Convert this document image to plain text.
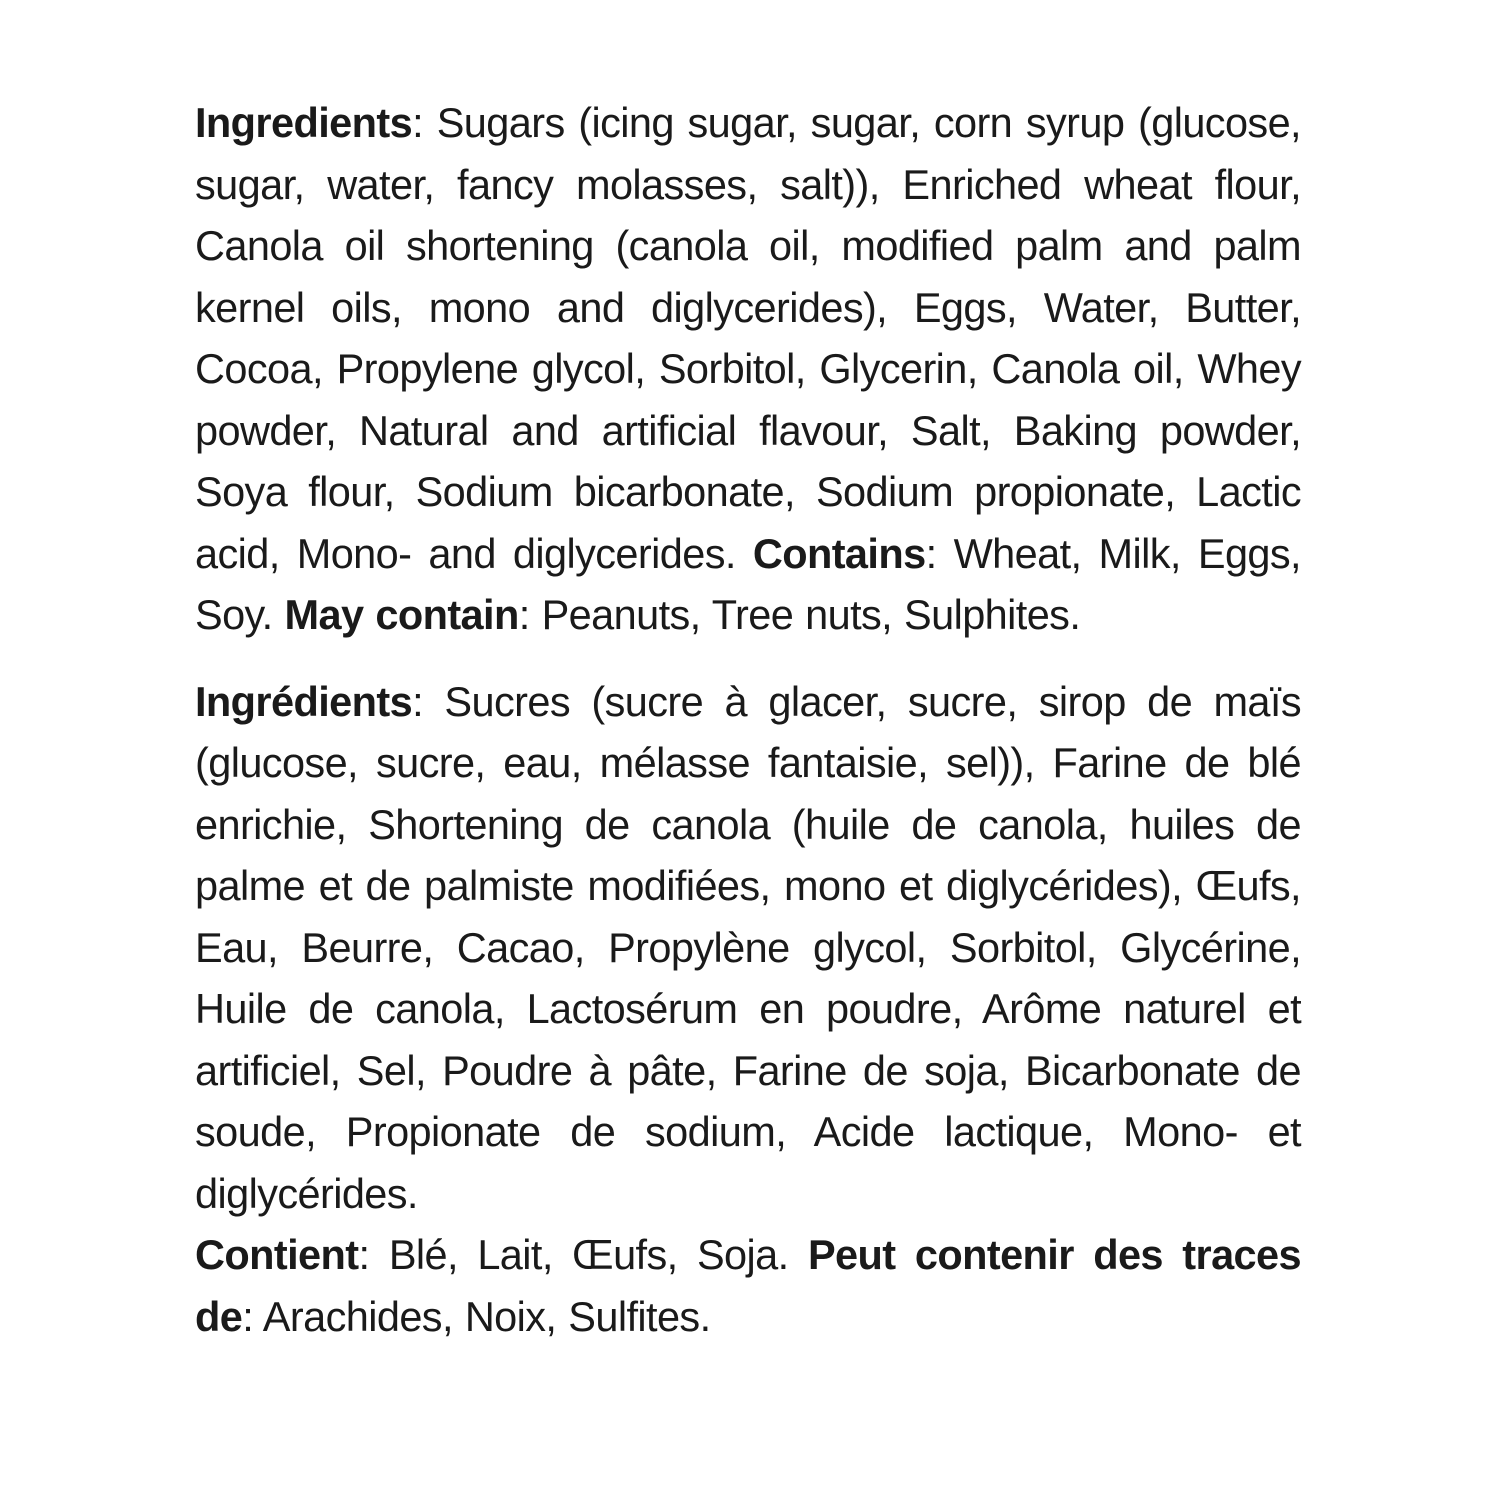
Ingredients: Sugars (icing sugar, sugar, corn syrup (glucose, sugar, water, fancy molasses, salt)), Enriched wheat flour, Canola oil shortening (canola oil, modified palm and palm kernel oils, mono and diglycerides), Eggs, Water, Butter, Cocoa, Propylene glycol, Sorbitol, Glycerin, Canola oil, Whey powder, Natural and artificial flavour, Salt, Baking powder, Soya flour, Sodium bicarbonate, Sodium propionate, Lactic acid, Mono- and diglycerides. Contains: Wheat, Milk, Eggs, Soy. May contain: Peanuts, Tree nuts, Sulphites.

Ingrédients: Sucres (sucre à glacer, sucre, sirop de maïs (glucose, sucre, eau, mélasse fantaisie, sel)), Farine de blé enrichie, Shortening de canola (huile de canola, huiles de palme et de palmiste modifiées, mono et diglycérides), Œufs, Eau, Beurre, Cacao, Propylène glycol, Sorbitol, Glycérine, Huile de canola, Lactosérum en poudre, Arôme naturel et artificiel, Sel, Poudre à pâte, Farine de soja, Bicarbonate de soude, Propionate de sodium, Acide lactique, Mono- et diglycérides.

Contient: Blé, Lait, Œufs, Soja. Peut contenir des traces de: Arachides, Noix, Sulfites.
